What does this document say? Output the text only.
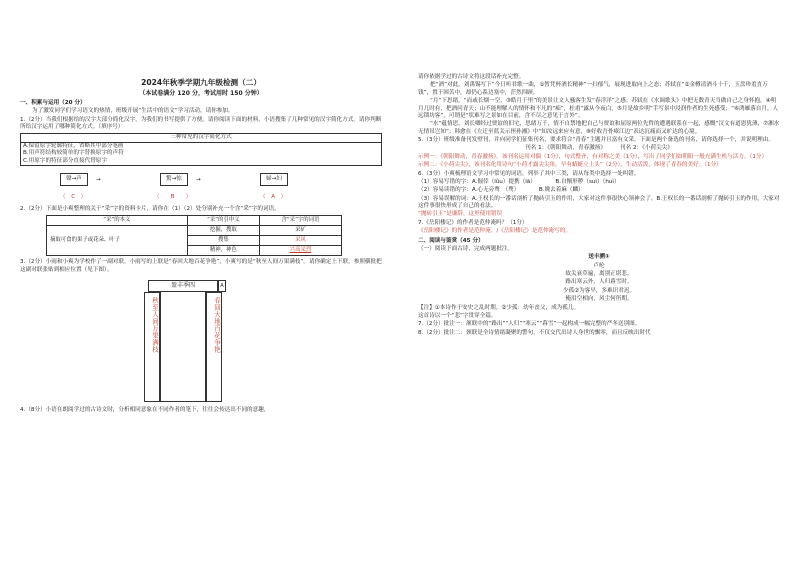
2024年秋季学期九年级检测（二）
（本试卷满分 120 分，考试用时 150 分钟）
一、积累与运用（20 分）
为了激发同学们学习语文的热情，班级开展“生活中的语文”学习活动，请你参加。
1.（2分）当我们根据给的汉字大部分简化汉字，为我们的书写提供了方便。请你阅读下面的材料，小语搜集了几种常见的汉字简化方式。请你判断所给汉字运用了哪种简化方式。（填序号）
三种常见的汉字简化方式
A.保留原字轮廓特征，省略其中部分笔画
B.用声符结构较简单的字替换原字的声符
C.用原字的特征部分直接代替原字
聲→声	→	驚→惊	→	婦→妇
（　C　）	（　　B　　）	（　A　）
2.（2分）下面是小爽整理的关于“采”字的资料卡片，请你在（1）（2）处分别补充一个含“采”字的词语。
“采”的本义	“采”的引申义	含“采”字的词语
摘取可食的果子或花朵、叶子	挖掘，搜取	采矿
	搜集	采风
	精神，神色	兴高采烈
3.（2分）小雨和小爽为学校作了一副对联。小雨写的上联是“春回大地百花争艳”，小爽写的是“秋至人间万果满枝”。请你确定上下联，参照横批把这副对联张贴到相应位置（见下图）。
盈丰季四	A
秋至人间万果满枝	春回大地百花争艳
4.（8分）小语在朗阅学过的古诗文时，分析相同意象在不同作者的笔下，往往会传达出不同的意趣，
请你依据学过的古诗文将这段话补充完整。
把“酒”对此，刘禹锡写下“今日听君歌一曲，①暂凭杯酒长精神”一扫郁气，展现进取向上之态；苏轼在“②金樽清酒斗十千，玉盘珍羞直万钱”，置于困苦中，却仍心系边塞中，茫然四顾。
“月”下思绪，“而或长烟一空，③皓月千里”的美景让文人骚客生发“春洋洋”之感；苏轼在《水调歌头》中把无数青天当做自己之身怀抱，④明月几时有，把酒问青天；山不能理解人的情怀和不凡的“痴”，杜甫“露从今夜白，⑤月是故乡明”手写景中浸润作者的生死感受；“⑥鸿雁落自月，人远锁坊客”，可谓是“状难写之景如在目前，含不尽之意见于言外”。
“水”蕴情思，刘长卿经过贾谊的旧宅，思绪万千，情不自禁地把自己与贾谊和屈原两位先哲的遭遇联系在一起，感慨“汉文有道恩犹薄，⑦湘水无情吊岂知”；韩愈在《左迁至蓝关示侄孙湘》中“知汝远来应有意，⑧好收吾骨瘴江边”表达沉痛而又旷达的心境。
5.（3分）班级准备刊发壁刊，并向同学们征集刊名，要求符合“青春”主题并且富有文采。下面是两个备选的刊名，请你选择一个，并说明理由。
刊名 1：《朝阳舞动，青春激扬》　　　刊名 2：《小荷尖尖》
示例一：《朝阳舞动，青春激扬》。该刊名运用对偶（1分），句式整齐，有对称之美（1分），写出了同学们如朝阳一般充满生机与活力。（1分）
示例二：《小荷尖尖》，该刊名化用诗句“小荷才露尖尖角，早有蜻蜓立上头”（2分），生动活泼，体现了青春的美好。（1分）
6.（3分）小爽梳理语文学习中常见的词语，列举了其中三类，请从每类中选择一处纠错。
（1）容易写错的字：A.倔倖（lǜu）提携（lā）　　　　B.自惭形秽（suì）（huì）
（2）容易读错的字：A.心无旁骛　（骛）　　　　B.娩去着麻（麟）
（3）容易误解的词：A.王权长的一番话剖析了抛砖引玉的作用，大家对这件事很快心领神会了。B.王权长的一番话剖析了抛砖引玉的作用，大家对这件事很快形成了自己的看法。
“抛砖引玉”是谦辞，这里使用错误
7.《岳阳楼记》的作者是范仲淹吗？（1分）
《岳阳楼记》的作者是范仲淹。/《岳阳楼记》是范仲淹写的。
二、阅读与鉴赏（45 分）
（一）阅读下面古诗，完成两题批注。
送丰溯①
卢纶
故关衰草遍，离别正堪悲。
路出寒云外，人归暮雪时。
少孤②为客早，多难识君迟。
掩泪空相向，风尘何所期。
【注】①本诗作于安史之乱时期。②少孤：幼年丧父，成为孤儿。
这首诗以一个“悲”字贯穿全篇。
7.（2分）批注一：颔联中的“路出”“人归”“寒云”“暮雪”一起构成一幅完整的严冬送别图。
8.（2分）批注二：颈联是全诗情绪凝聚的警句，不仅交代出诗人身世的飘零，而且反映出时代
